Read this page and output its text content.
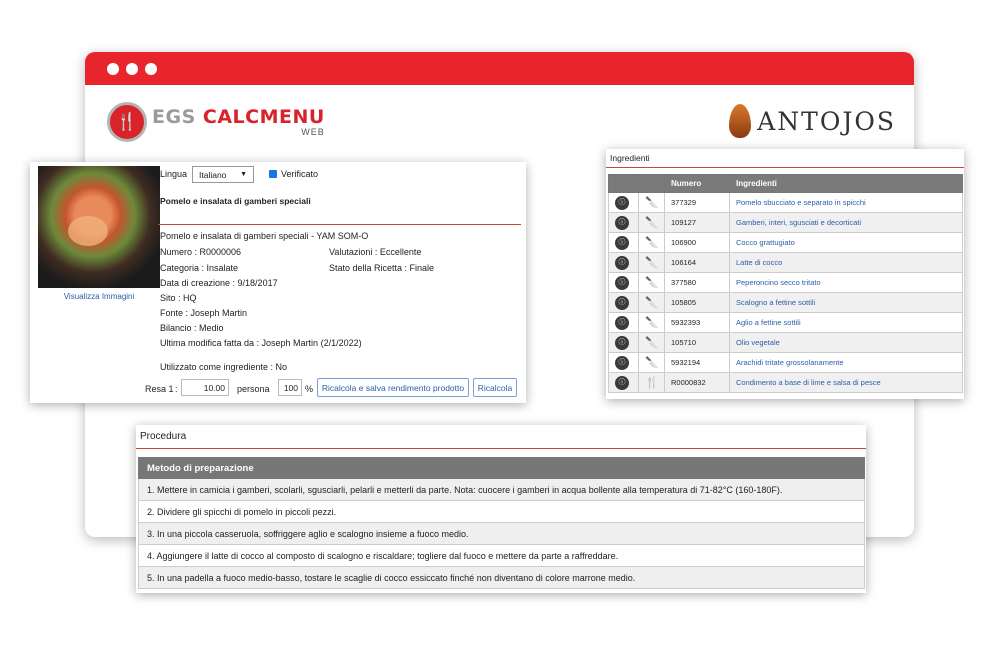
🍴 EGS CALCMENU
WEB	ANTOJOS
Visualizza Immagini
Lingua Italiano ▼	Verificato
Pomelo e insalata di gamberi speciali
Pomelo e insalata di gamberi speciali - YAM SOM-O
Numero : R0000006	Valutazioni : Eccellente
Categoria : Insalate	Stato della Ricetta : Finale
Data di creazione : 9/18/2017
Sito : HQ
Fonte : Joseph Martin
Bilancio : Medio
Ultima modifica fatta da : Joseph Martin (2/1/2022)
Utilizzato come ingrediente : No
Resa 1 :	10.00	persona	100 %	Ricalcola e salva rendimento prodotto	Ricalcola
Ingredienti
		Numero	Ingredienti
ⓘ	🔪	377329	Pomelo sbucciato e separato in spicchi
ⓘ	🔪	109127	Gamberi, interi, sgusciati e decorticati
ⓘ	🔪	106900	Cocco grattugiato
ⓘ	🔪	106164	Latte di cocco
ⓘ	🔪	377580	Peperoncino secco tritato
ⓘ	🔪	105805	Scalogno a fettine sottili
ⓘ	🔪	5932393	Aglio a fettine sottili
ⓘ	🔪	105710	Olio vegetale
ⓘ	🔪	5932194	Arachidi tritate grossolanamente
ⓘ	🍴	R0000832	Condimento a base di lime e salsa di pesce
Procedura
Metodo di preparazione
1. Mettere in camicia i gamberi, scolarli, sgusciarli, pelarli e metterli da parte. Nota: cuocere i gamberi in acqua bollente alla temperatura di 71-82°C (160-180F).
2. Dividere gli spicchi di pomelo in piccoli pezzi.
3. In una piccola casseruola, soffriggere aglio e scalogno insieme a fuoco medio.
4. Aggiungere il latte di cocco al composto di scalogno e riscaldare; togliere dal fuoco e mettere da parte a raffreddare.
5. In una padella a fuoco medio-basso, tostare le scaglie di cocco essiccato finché non diventano di colore marrone medio.
